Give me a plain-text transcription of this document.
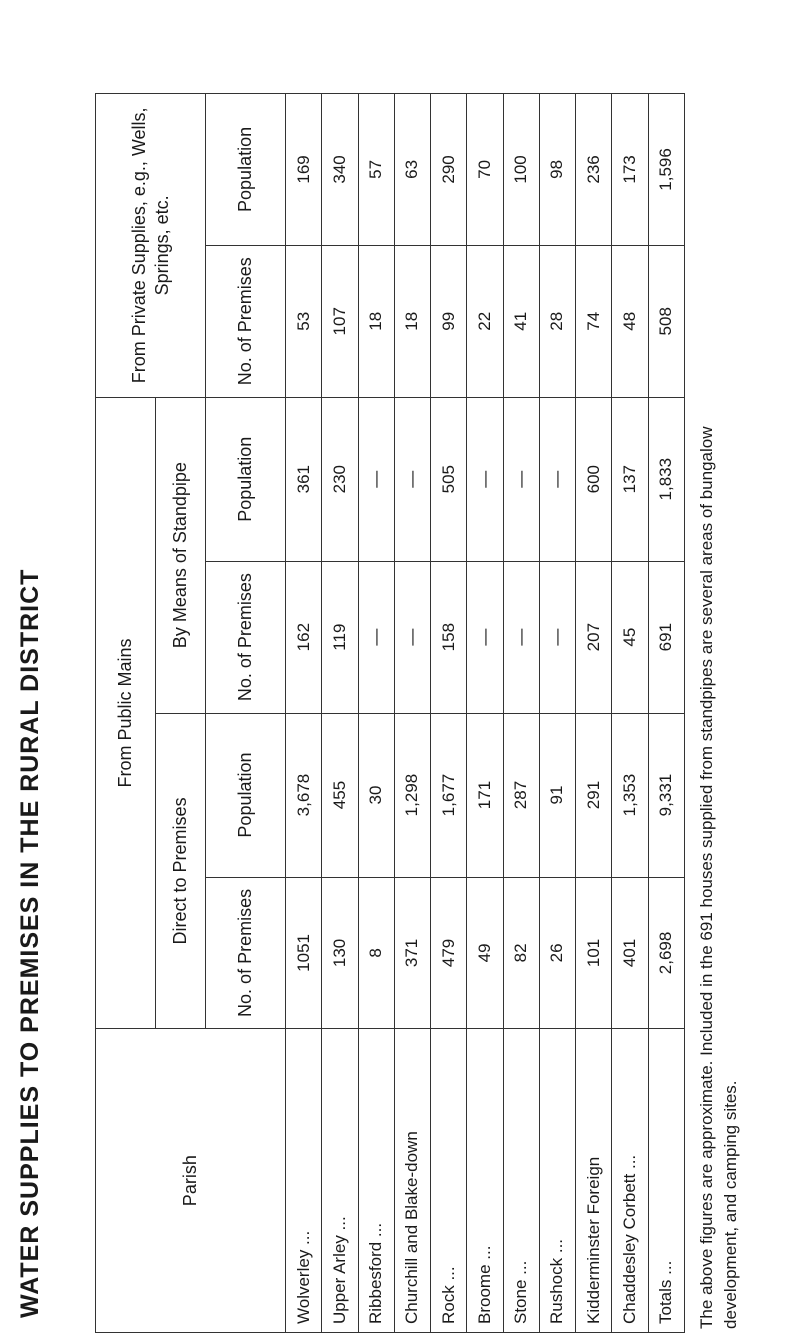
WATER SUPPLIES TO PREMISES IN THE RURAL DISTRICT	Parish	From Public Mains				From Private Supplies, e.g., Wells, Springs, etc.	
	Direct to Premises		By Means of Standpipe			
	No. of Premises	Population	No. of Premises	Population	No. of Premises	Population
Wolverley ...	1051	3,678	162	361	53	169
Upper Arley ...	130	455	119	230	107	340
Ribbesford ...	8	30	—	—	18	57
Churchill and Blake-down	371	1,298	—	—	18	63
Rock ...	479	1,677	158	505	99	290
Broome ...	49	171	—	—	22	70
Stone ...	82	287	—	—	41	100
Rushock ...	26	91	—	—	28	98
Kidderminster Foreign	101	291	207	600	74	236
Chaddesley Corbett ...	401	1,353	45	137	48	173
Totals ...	2,698	9,331	691	1,833	508	1,596
The above figures are approximate. Included in the 691 houses supplied from standpipes are several areas of bungalow development, and camping sites.
